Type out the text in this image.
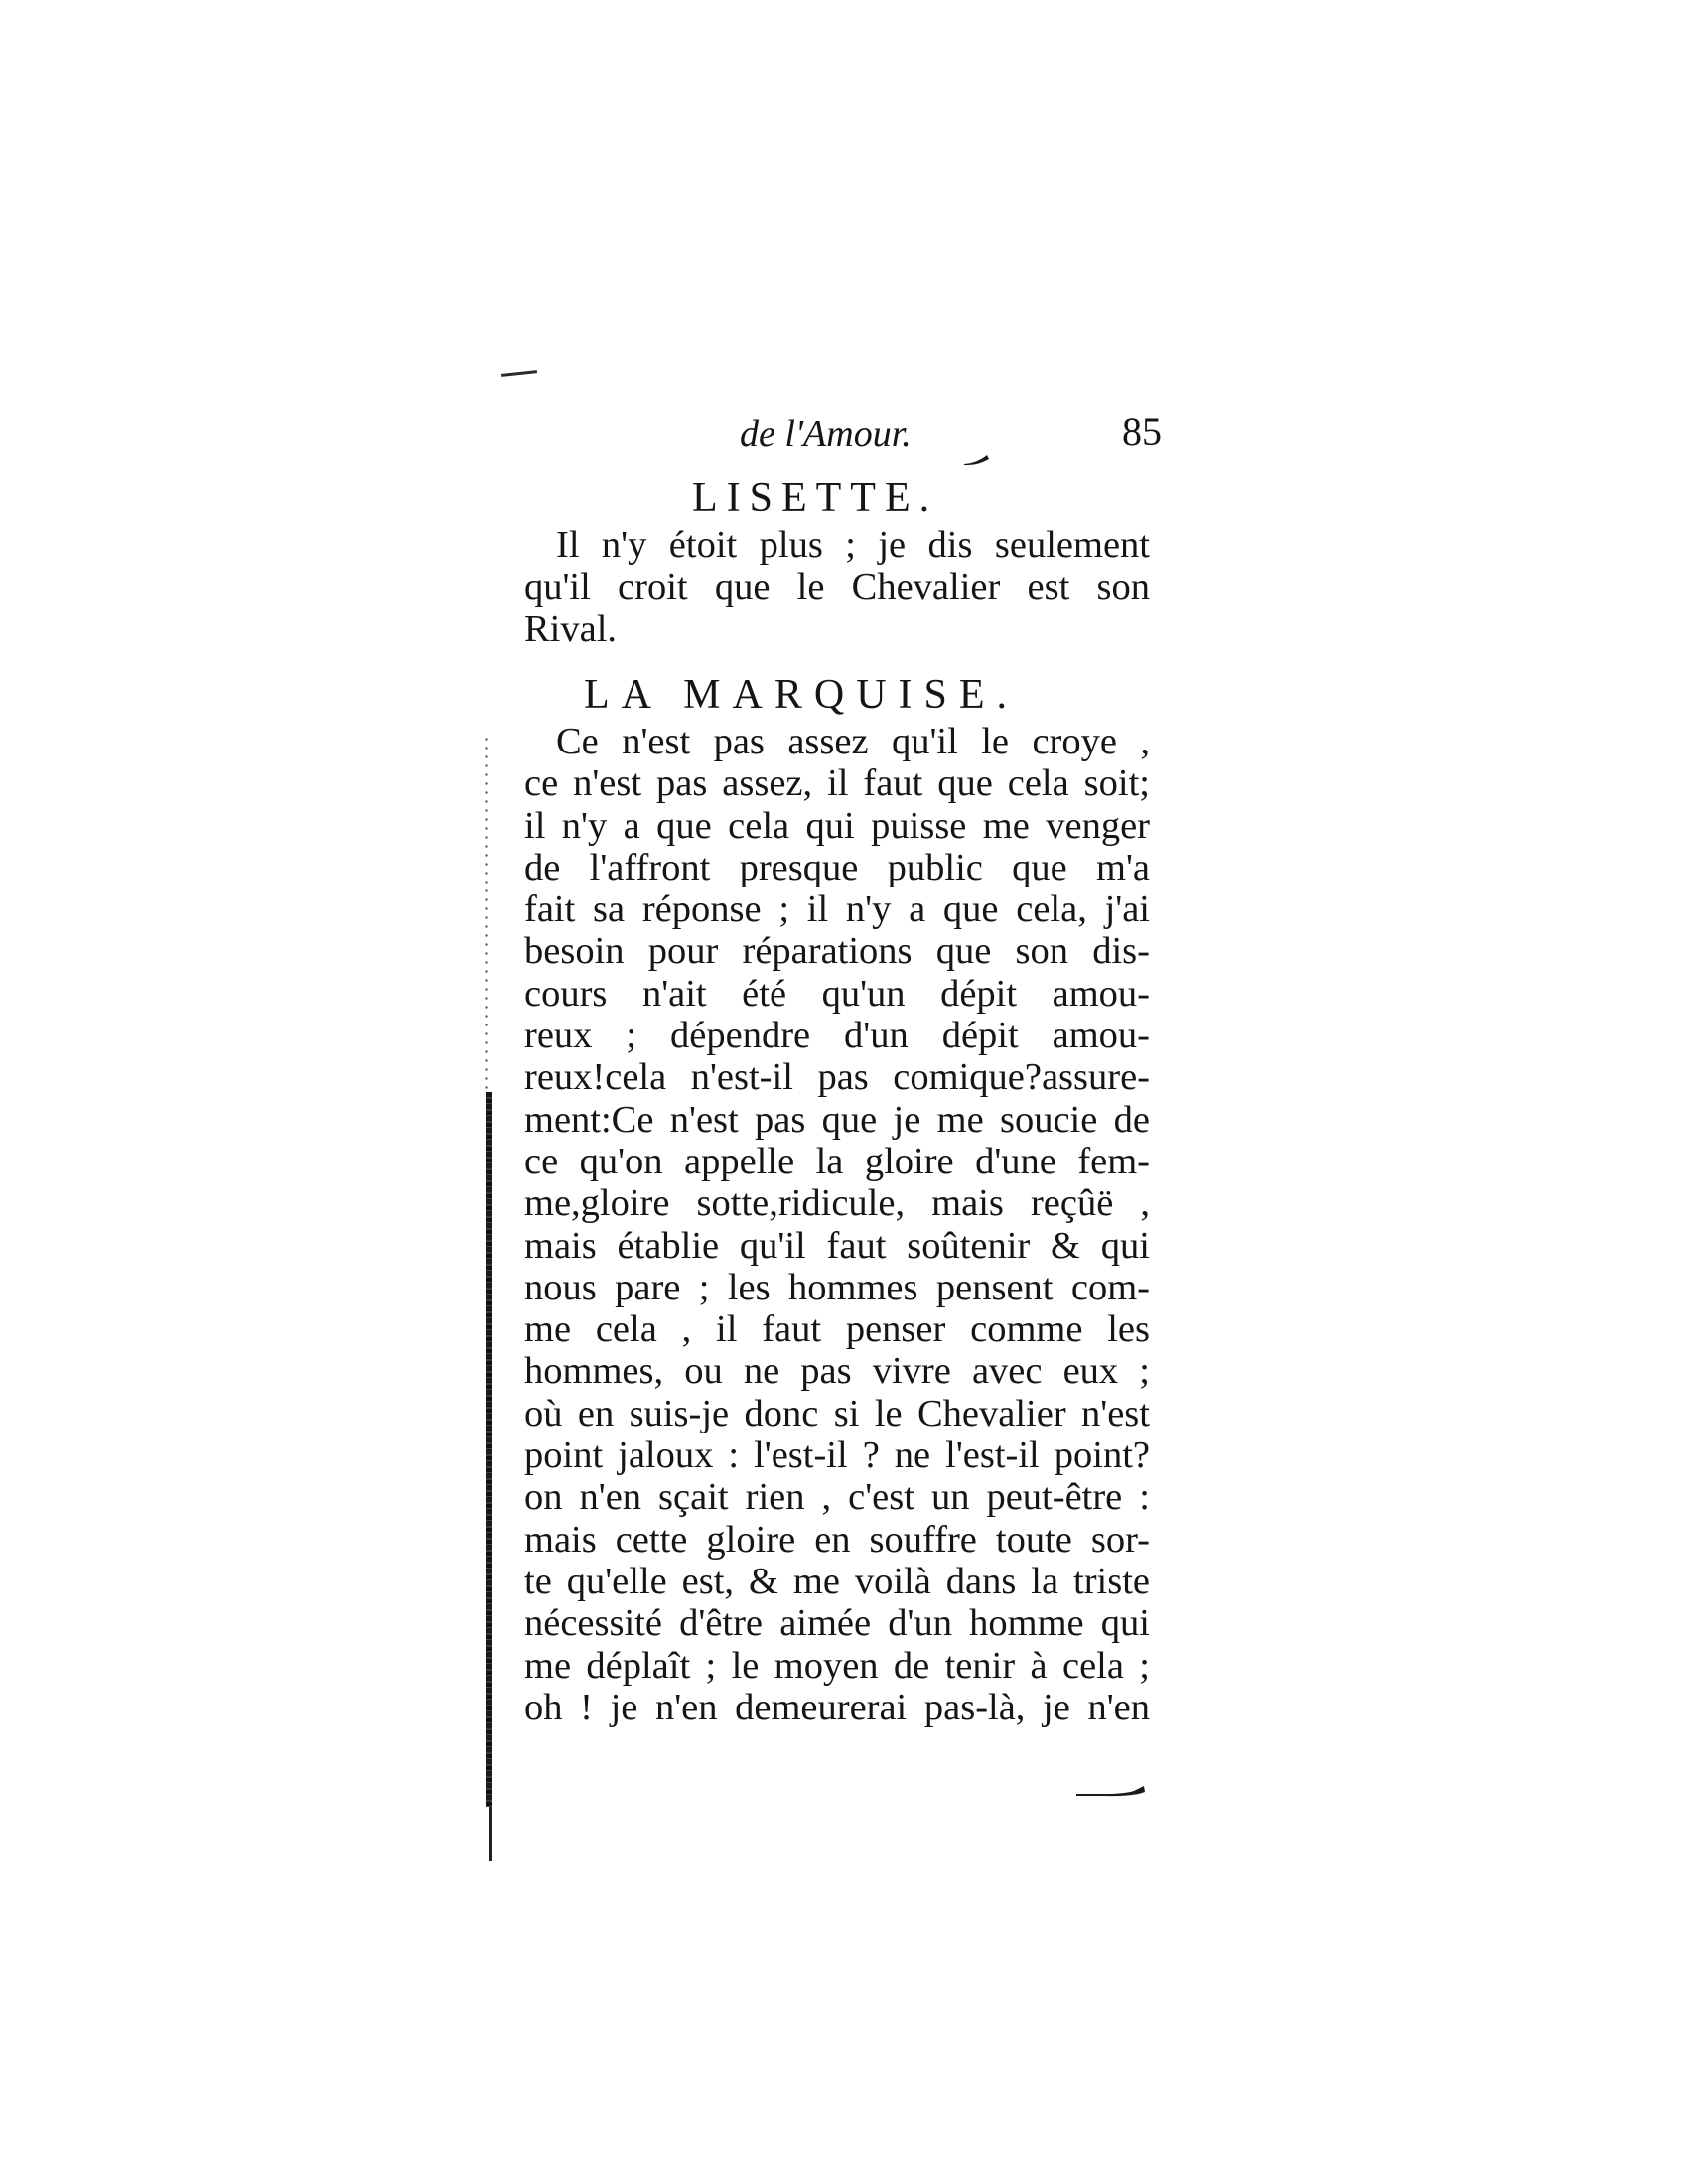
de l'Amour.	85
LISETTE.
Il n'y étoit plus ; je dis seulement
qu'il croit que le Chevalier est son
Rival.
LA MARQUISE.
Ce n'est pas assez qu'il le croye ,
ce n'est pas assez, il faut que cela soit;
il n'y a que cela qui puisse me venger
de l'affront presque public que m'a
fait sa réponse ; il n'y a que cela, j'ai
besoin pour réparations que son dis-
cours n'ait été qu'un dépit amou-
reux ; dépendre d'un dépit amou-
reux!cela n'est-il pas comique?assure-
ment:Ce n'est pas que je me soucie de
ce qu'on appelle la gloire d'une fem-
me,gloire sotte,ridicule, mais reçûë ,
mais établie qu'il faut soûtenir & qui
nous pare ; les hommes pensent com-
me cela , il faut penser comme les
hommes, ou ne pas vivre avec eux ;
où en suis-je donc si le Chevalier n'est
point jaloux : l'est-il ? ne l'est-il point?
on n'en sçait rien , c'est un peut-être :
mais cette gloire en souffre toute sor-
te qu'elle est, & me voilà dans la triste
nécessité d'être aimée d'un homme qui
me déplaît ; le moyen de tenir à cela ;
oh ! je n'en demeurerai pas-là, je n'en
